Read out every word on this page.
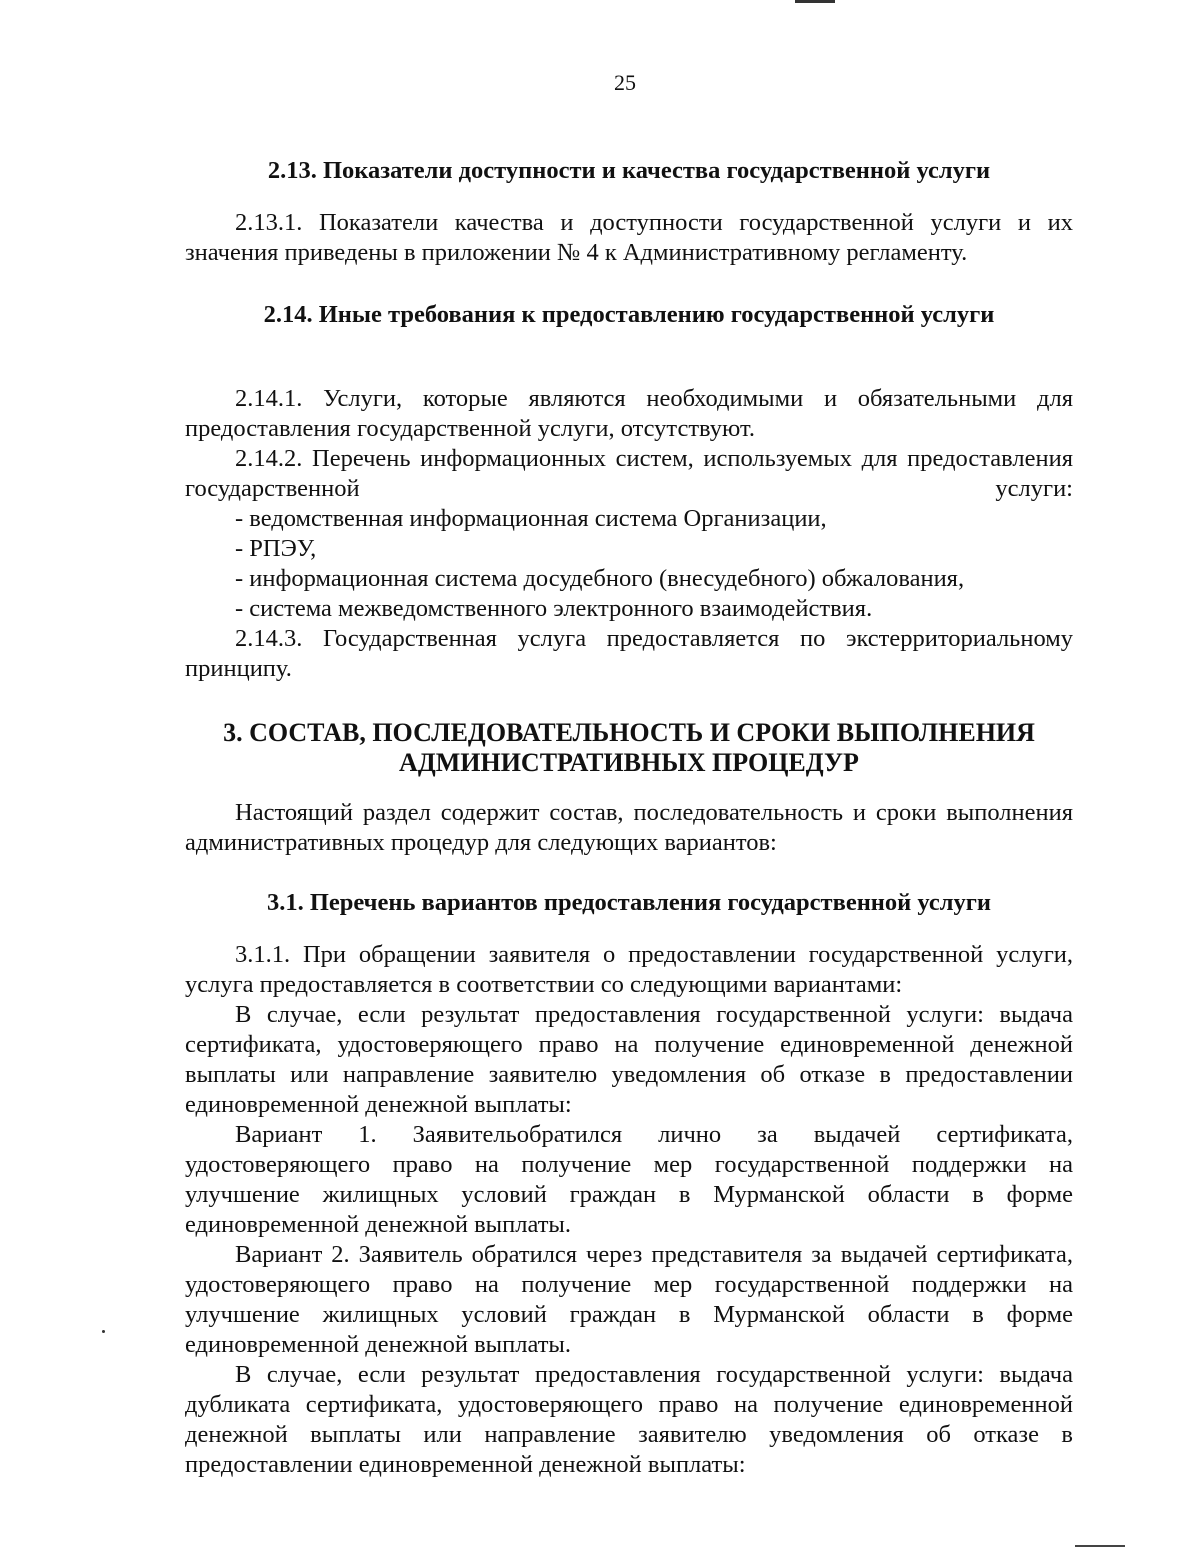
25

2.13. Показатели доступности и качества государственной услуги

2.13.1. Показатели качества и доступности государственной услуги и их значения приведены в приложении № 4 к Административному регламенту.

2.14. Иные требования к предоставлению государственной услуги

2.14.1. Услуги, которые являются необходимыми и обязательными для предоставления государственной услуги, отсутствуют.

2.14.2. Перечень информационных систем, используемых для предоставления государственной услуги:

- ведомственная информационная система Организации,

- РПЭУ,

- информационная система досудебного (внесудебного) обжалования,

- система межведомственного электронного взаимодействия.

2.14.3. Государственная услуга предоставляется по экстерриториальному принципу.

3. СОСТАВ, ПОСЛЕДОВАТЕЛЬНОСТЬ И СРОКИ ВЫПОЛНЕНИЯ

АДМИНИСТРАТИВНЫХ ПРОЦЕДУР

Настоящий раздел содержит состав, последовательность и сроки выполнения административных процедур для следующих вариантов:

3.1. Перечень вариантов предоставления государственной услуги

3.1.1. При обращении заявителя о предоставлении государственной услуги, услуга предоставляется в соответствии со следующими вариантами:

В случае, если результат предоставления государственной услуги: выдача сертификата, удостоверяющего право на получение единовременной денежной выплаты или направление заявителю уведомления об отказе в предоставлении единовременной денежной выплаты:

Вариант 1. Заявительобратился лично за выдачей сертификата, удостоверяющего право на получение мер государственной поддержки на улучшение жилищных условий граждан в Мурманской области в форме единовременной денежной выплаты.

Вариант 2. Заявитель обратился через представителя за выдачей сертификата, удостоверяющего право на получение мер государственной поддержки на улучшение жилищных условий граждан в Мурманской области в форме единовременной денежной выплаты.

В случае, если результат предоставления государственной услуги: выдача дубликата сертификата, удостоверяющего право на получение единовременной денежной выплаты или направление заявителю уведомления об отказе в предоставлении единовременной денежной выплаты:
